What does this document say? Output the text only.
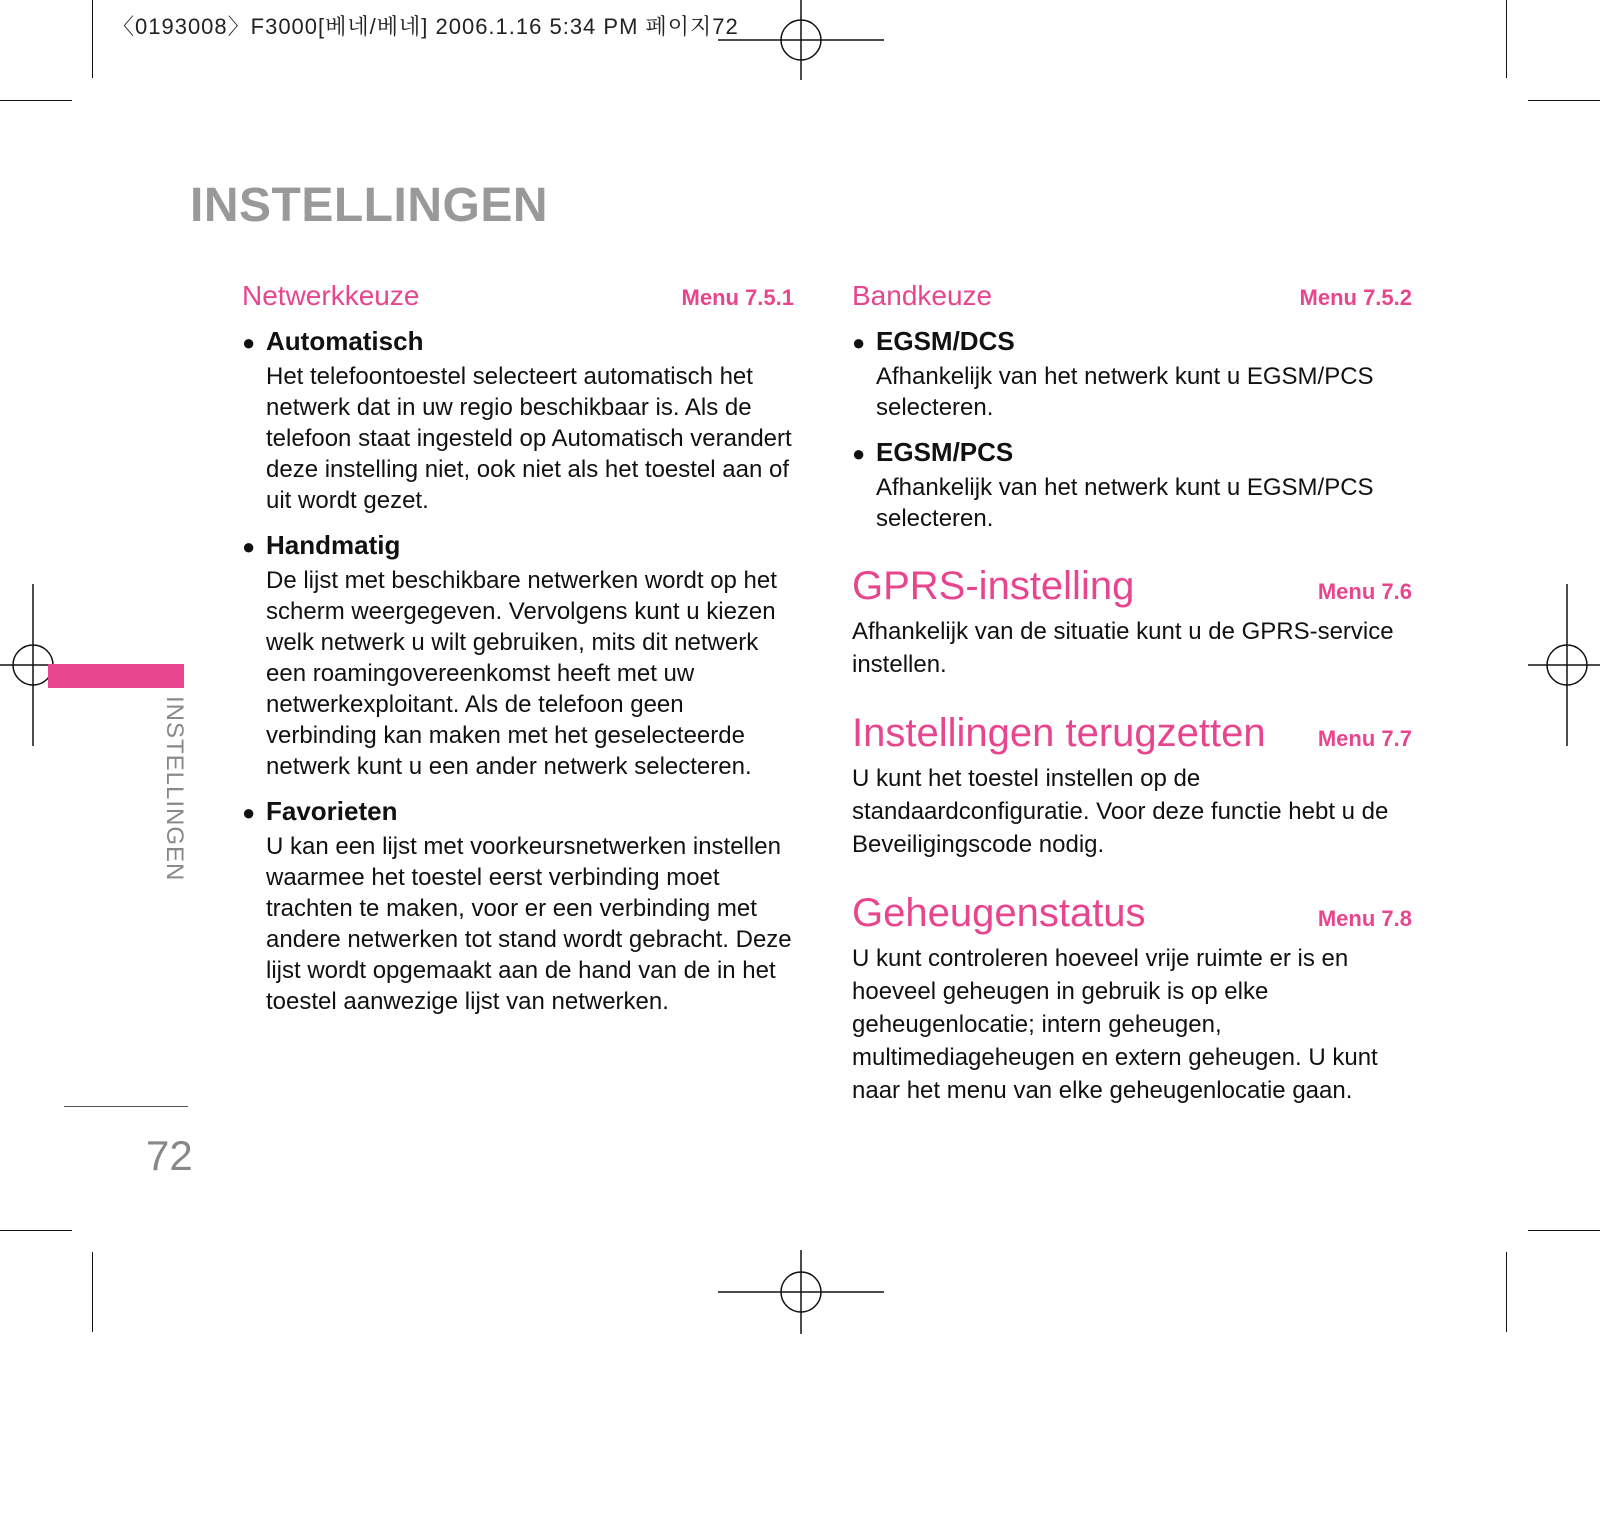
〈0193008〉F3000[베네/베네] 2006.1.16 5:34 PM 페이지72
INSTELLINGEN
INSTELLINGEN
72
Netwerkkeuze	Menu 7.5.1
● Automatisch
Het telefoontoestel selecteert automatisch het netwerk dat in uw regio beschikbaar is. Als de telefoon staat ingesteld op Automatisch verandert deze instelling niet, ook niet als het toestel aan of uit wordt gezet.
● Handmatig
De lijst met beschikbare netwerken wordt op het scherm weergegeven. Vervolgens kunt u kiezen welk netwerk u wilt gebruiken, mits dit netwerk een roamingovereenkomst heeft met uw netwerkexploitant. Als de telefoon geen verbinding kan maken met het geselecteerde netwerk kunt u een ander netwerk selecteren.
● Favorieten
U kan een lijst met voorkeursnetwerken instellen waarmee het toestel eerst verbinding moet trachten te maken, voor er een verbinding met andere netwerken tot stand wordt gebracht. Deze lijst wordt opgemaakt aan de hand van de in het toestel aanwezige lijst van netwerken.
Bandkeuze	Menu 7.5.2
● EGSM/DCS
Afhankelijk van het netwerk kunt u EGSM/PCS selecteren.
● EGSM/PCS
Afhankelijk van het netwerk kunt u EGSM/PCS selecteren.
GPRS-instelling	Menu 7.6
Afhankelijk van de situatie kunt u de GPRS-service instellen.
Instellingen terugzetten Menu 7.7
U kunt het toestel instellen op de standaardconfiguratie. Voor deze functie hebt u de Beveiligingscode nodig.
Geheugenstatus	Menu 7.8
U kunt controleren hoeveel vrije ruimte er is en hoeveel geheugen in gebruik is op elke geheugenlocatie; intern geheugen, multimediageheugen en extern geheugen. U kunt naar het menu van elke geheugenlocatie gaan.
